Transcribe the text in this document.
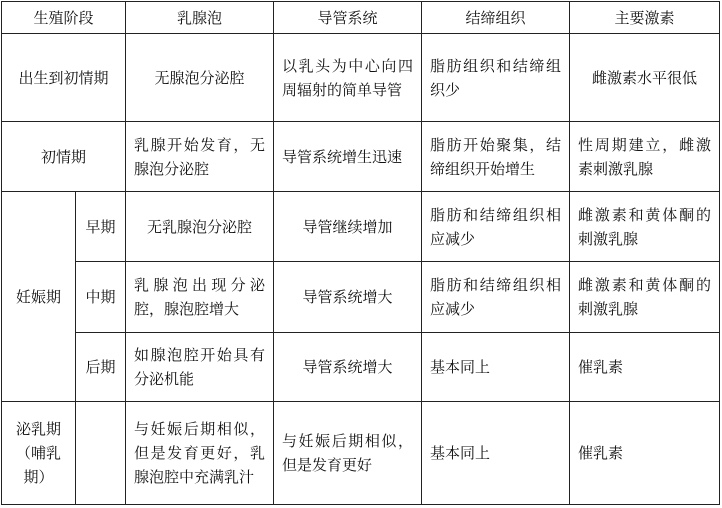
生殖阶段		乳腺泡	导管系统	结缔组织	主要激素
出生到初情期		无腺泡分泌腔	以乳头为中心向四周辐射的简单导管	脂肪组织和结缔组织少	雌激素水平很低
初情期		乳腺开始发育，无腺泡分泌腔	导管系统增生迅速	脂肪开始聚集，结缔组织开始增生	性周期建立，雌激素刺激乳腺
妊娠期	早期	无乳腺泡分泌腔	导管继续增加	脂肪和结缔组织相应减少	雌激素和黄体酮的刺激乳腺
	中期	乳腺泡出现分泌腔，腺泡腔增大	导管系统增大	脂肪和结缔组织相应减少	雌激素和黄体酮的刺激乳腺
	后期	如腺泡腔开始具有分泌机能	导管系统增大	基本同上	催乳素
泌乳期（哺乳期）		与妊娠后期相似，但是发育更好，乳腺泡腔中充满乳汁	与妊娠后期相似，但是发育更好	基本同上	催乳素
